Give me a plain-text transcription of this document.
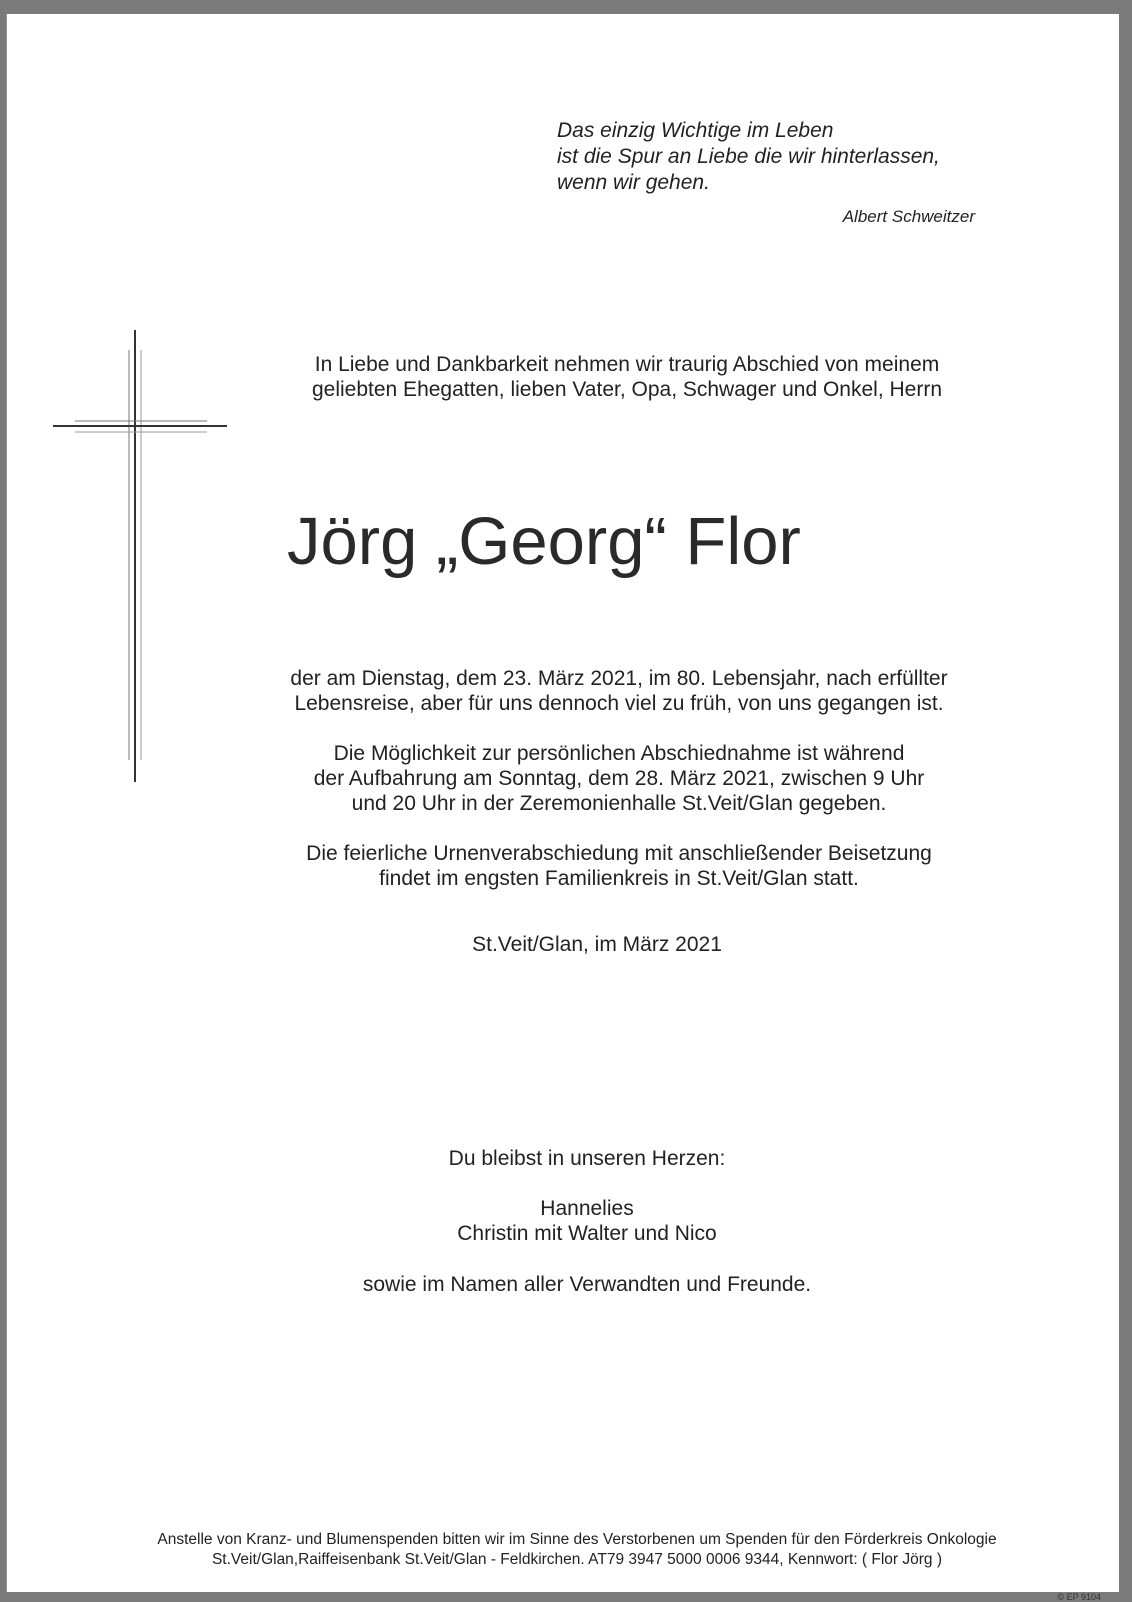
Das einzig Wichtige im Leben
ist die Spur an Liebe die wir hinterlassen,
wenn wir gehen.
Albert Schweitzer
In Liebe und Dankbarkeit nehmen wir traurig Abschied von meinem
geliebten Ehegatten, lieben Vater, Opa, Schwager und Onkel, Herrn
Jörg „Georg“ Flor
der am Dienstag, dem 23. März 2021, im 80. Lebensjahr, nach erfüllter
Lebensreise, aber für uns dennoch viel zu früh, von uns gegangen ist.
Die Möglichkeit zur persönlichen Abschiednahme ist während
der Aufbahrung am Sonntag, dem 28. März 2021, zwischen 9 Uhr
und 20 Uhr in der Zeremonienhalle St.Veit/Glan gegeben.
Die feierliche Urnenverabschiedung mit anschließender Beisetzung
findet im engsten Familienkreis in St.Veit/Glan statt.
St.Veit/Glan, im März 2021
Du bleibst in unseren Herzen:
Hannelies
Christin mit Walter und Nico
sowie im Namen aller Verwandten und Freunde.
Anstelle von Kranz- und Blumenspenden bitten wir im Sinne des Verstorbenen um Spenden für den Förderkreis Onkologie
St.Veit/Glan,Raiffeisenbank St.Veit/Glan - Feldkirchen. AT79 3947 5000 0006 9344, Kennwort: ( Flor Jörg )
© EP 9104
